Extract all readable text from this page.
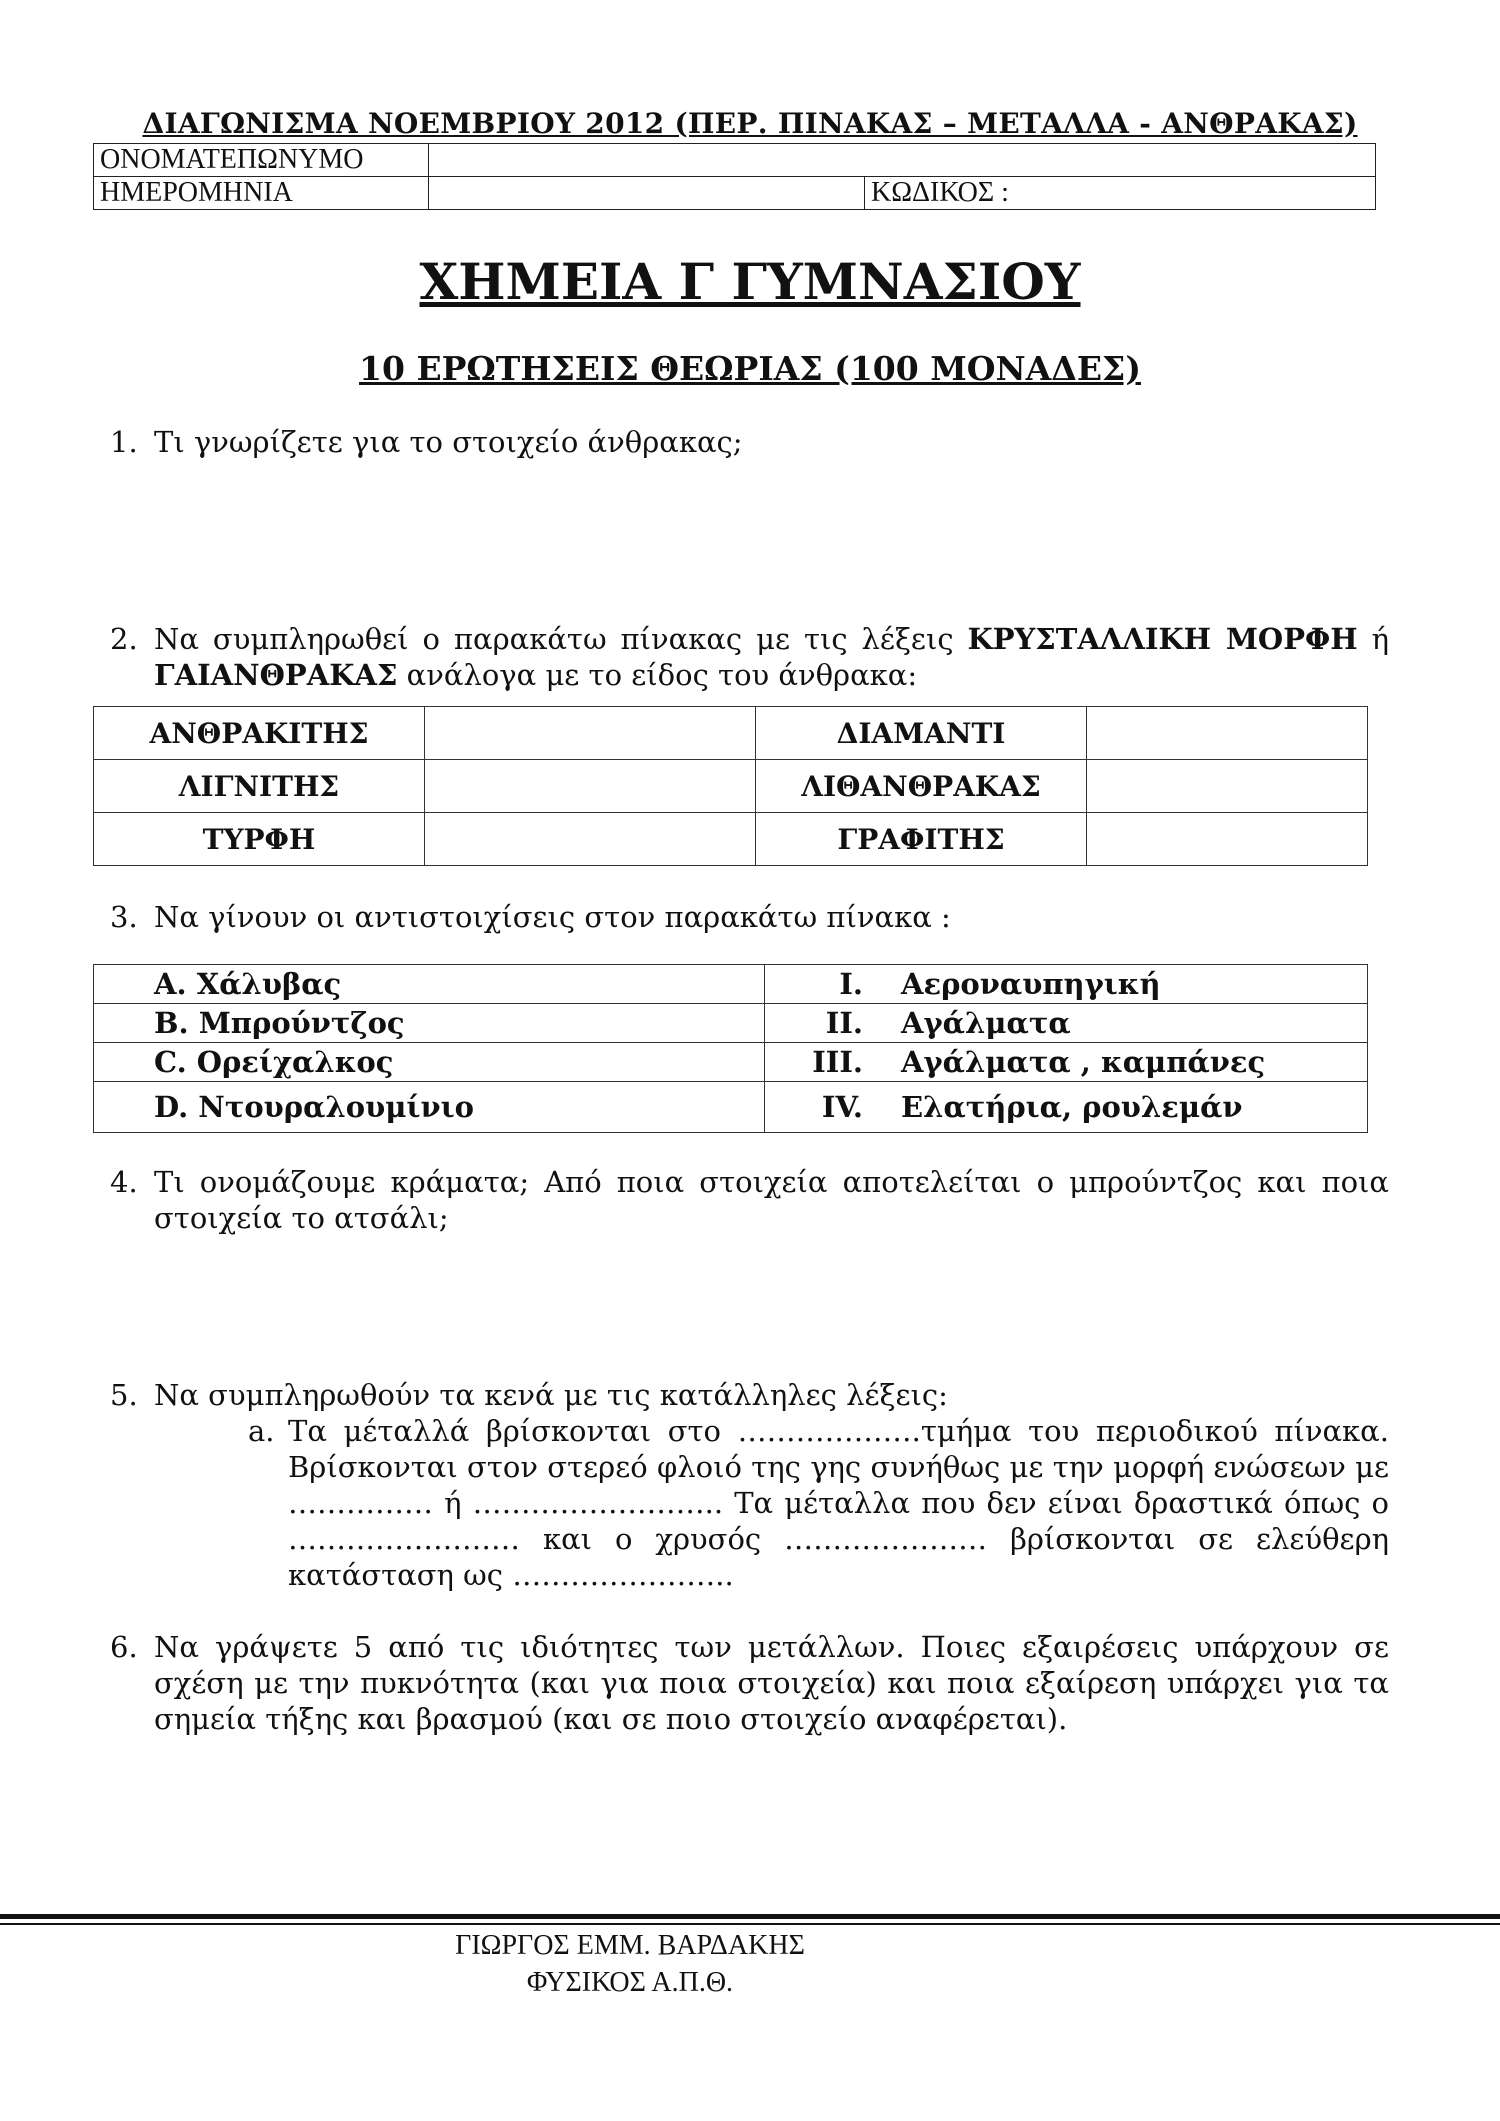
ΔΙΑΓΩΝΙΣΜΑ ΝΟΕΜΒΡΙΟΥ 2012 (ΠΕΡ. ΠΙΝΑΚΑΣ – ΜΕΤΑΛΛΑ - ΑΝΘΡΑΚΑΣ)
ΟΝΟΜΑΤΕΠΩΝΥΜΟ		
ΗΜΕΡΟΜΗΝΙΑ		ΚΩΔΙΚΟΣ :
ΧΗΜΕΙΑ Γ ΓΥΜΝΑΣΙΟΥ
10 ΕΡΩΤΗΣΕΙΣ ΘΕΩΡΙΑΣ (100 ΜΟΝΑΔΕΣ)
1. Τι γνωρίζετε για το στοιχείο άνθρακας;
2. Να συμπληρωθεί ο παρακάτω πίνακας με τις λέξεις ΚΡΥΣΤΑΛΛΙΚΗ ΜΟΡΦΗ ή ΓΑΙΑΝΘΡΑΚΑΣ ανάλογα με το είδος του άνθρακα:
ΑΝΘΡΑΚΙΤΗΣ		ΔΙΑΜΑΝΤΙ	
ΛΙΓΝΙΤΗΣ		ΛΙΘΑΝΘΡΑΚΑΣ	
ΤΥΡΦΗ		ΓΡΑΦΙΤΗΣ	
3. Να γίνουν οι αντιστοιχίσεις στον παρακάτω πίνακα :
A. Χάλυβας	I. Αεροναυπηγική
B. Μπρούντζος	II. Αγάλματα
C. Ορείχαλκος	III. Αγάλματα , καμπάνες
D. Ντουραλουμίνιο	IV. Ελατήρια, ρουλεμάν
4. Τι ονομάζουμε κράματα; Από ποια στοιχεία αποτελείται ο μπρούντζος και ποια στοιχεία το ατσάλι;
5. Να συμπληρωθούν τα κενά με τις κατάλληλες λέξεις:
a. Τα μέταλλά βρίσκονται στο ……………….τμήμα του περιοδικού πίνακα. Βρίσκονται στον στερεό φλοιό της γης συνήθως με την μορφή ενώσεων με …………… ή …………………….. Τα μέταλλα που δεν είναι δραστικά όπως ο …………………… και ο χρυσός ………………… βρίσκονται σε ελεύθερη κατάσταση ως …………………..
6. Να γράψετε 5 από τις ιδιότητες των μετάλλων. Ποιες εξαιρέσεις υπάρχουν σε σχέση με την πυκνότητα (και για ποια στοιχεία) και ποια εξαίρεση υπάρχει για τα σημεία τήξης και βρασμού (και σε ποιο στοιχείο αναφέρεται).
ΓΙΩΡΓΟΣ ΕΜΜ. ΒΑΡΔΑΚΗΣ
ΦΥΣΙΚΟΣ Α.Π.Θ.
